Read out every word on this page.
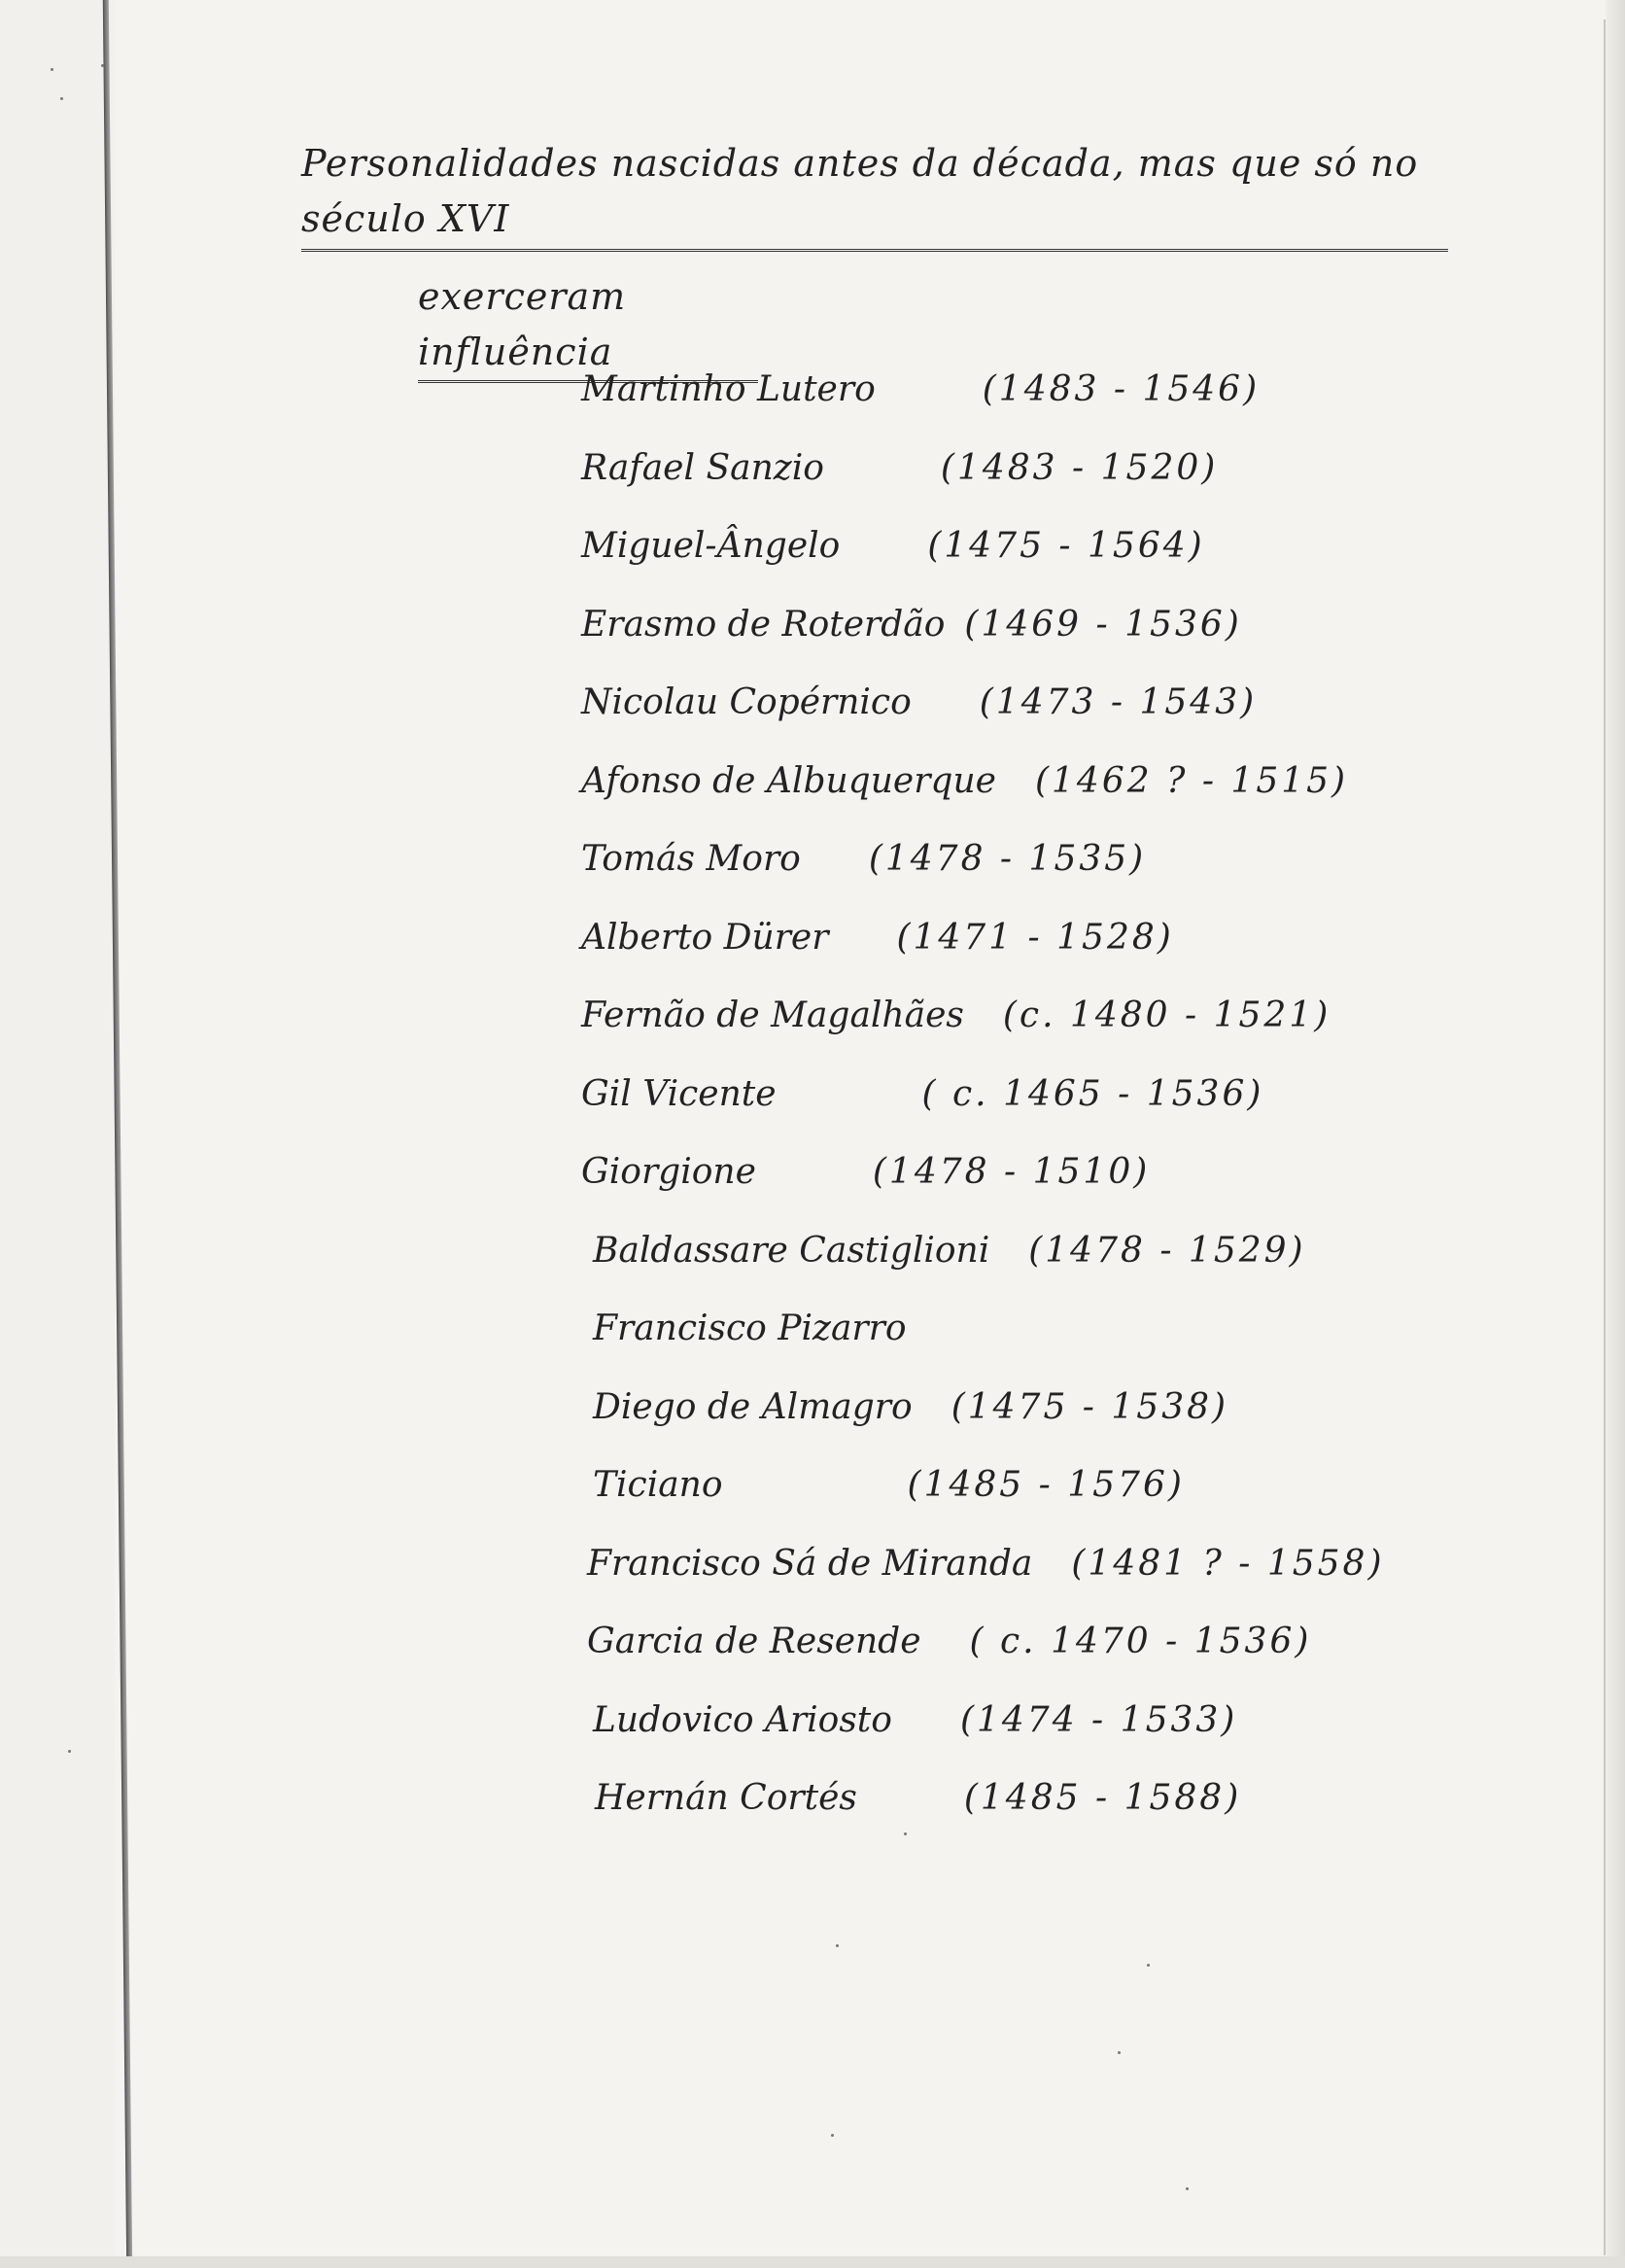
Personalidades nascidas antes da década, mas que só no século XVI
exerceram influência
Martinho Lutero	(1483 - 1546)
Rafael Sanzio	(1483 - 1520)
Miguel-Ângelo	(1475 - 1564)
Erasmo de Roterdão (1469 - 1536)
Nicolau Copérnico (1473 - 1543)
Afonso de Albuquerque (1462 ? - 1515)
Tomás Moro (1478 - 1535)
Alberto Dürer (1471 - 1528)
Fernão de Magalhães (c. 1480 - 1521)
Gil Vicente	( c. 1465 - 1536)
Giorgione	(1478 - 1510)
Baldassare Castiglioni (1478 - 1529)
Francisco Pizarro
Diego de Almagro (1475 - 1538)
Ticiano	(1485 - 1576)
Francisco Sá de Miranda (1481 ? - 1558)
Garcia de Resende ( c. 1470 - 1536)
Ludovico Ariosto (1474 - 1533)
Hernán Cortés	(1485 - 1588)
